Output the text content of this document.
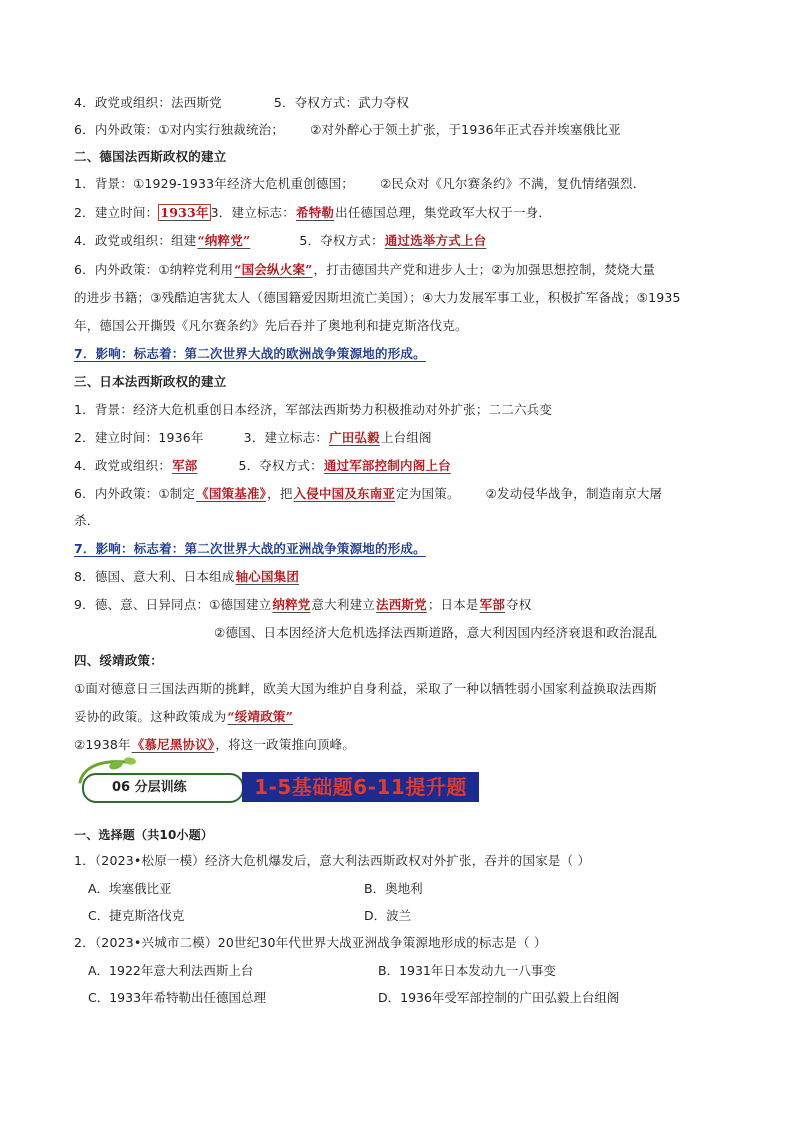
4．政党或组织：法西斯党	5．夺权方式：武力夺权
6．内外政策：①对内实行独裁统治； ②对外醉心于领土扩张，于1936年正式吞并埃塞俄比亚
二、德国法西斯政权的建立
1．背景：①1929-1933年经济大危机重创德国； ②民众对《凡尔赛条约》不满，复仇情绪强烈．
2．建立时间： 1933年 3．建立标志：希特勒出任德国总理，集党政军大权于一身．
4．政党或组织：组建“纳粹党”	5．夺权方式：通过选举方式上台
6．内外政策：①纳粹党利用“国会纵火案”，打击德国共产党和进步人士；②为加强思想控制，焚烧大量
的进步书籍；③残酷迫害犹太人（德国籍爱因斯坦流亡美国）；④大力发展军事工业，积极扩军备战；⑤1935
年，德国公开撕毁《凡尔赛条约》先后吞并了奥地利和捷克斯洛伐克。
7．影响：标志着：第二次世界大战的欧洲战争策源地的形成。
三、日本法西斯政权的建立
1．背景：经济大危机重创日本经济，军部法西斯势力积极推动对外扩张；二二六兵变
2．建立时间：1936年	3．建立标志：广田弘毅上台组阁
4．政党或组织：军部	5．夺权方式：通过军部控制内阁上台
6．内外政策：①制定《国策基准》，把入侵中国及东南亚定为国策。 ②发动侵华战争，制造南京大屠
杀．
7．影响：标志着：第二次世界大战的亚洲战争策源地的形成。
8．德国、意大利、日本组成轴心国集团
9．德、意、日异同点：①德国建立纳粹党意大利建立法西斯党；日本是军部夺权
②德国、日本因经济大危机选择法西斯道路，意大利因国内经济衰退和政治混乱
四、绥靖政策：
①面对德意日三国法西斯的挑衅，欧美大国为维护自身利益，采取了一种以牺牲弱小国家利益换取法西斯
妥协的政策。这种政策成为“绥靖政策”
②1938年《慕尼黑协议》，将这一政策推向顶峰。
06 分层训练	1-5基础题6-11提升题
一、选择题（共10小题）
1．（2023•松原一模）经济大危机爆发后，意大利法西斯政权对外扩张，吞并的国家是（ ）
A．埃塞俄比亚	B．奥地利
C．捷克斯洛伐克	D．波兰
2．（2023•兴城市二模）20世纪30年代世界大战亚洲战争策源地形成的标志是（ ）
A．1922年意大利法西斯上台	B．1931年日本发动九一八事变
C．1933年希特勒出任德国总理	D．1936年受军部控制的广田弘毅上台组阁
